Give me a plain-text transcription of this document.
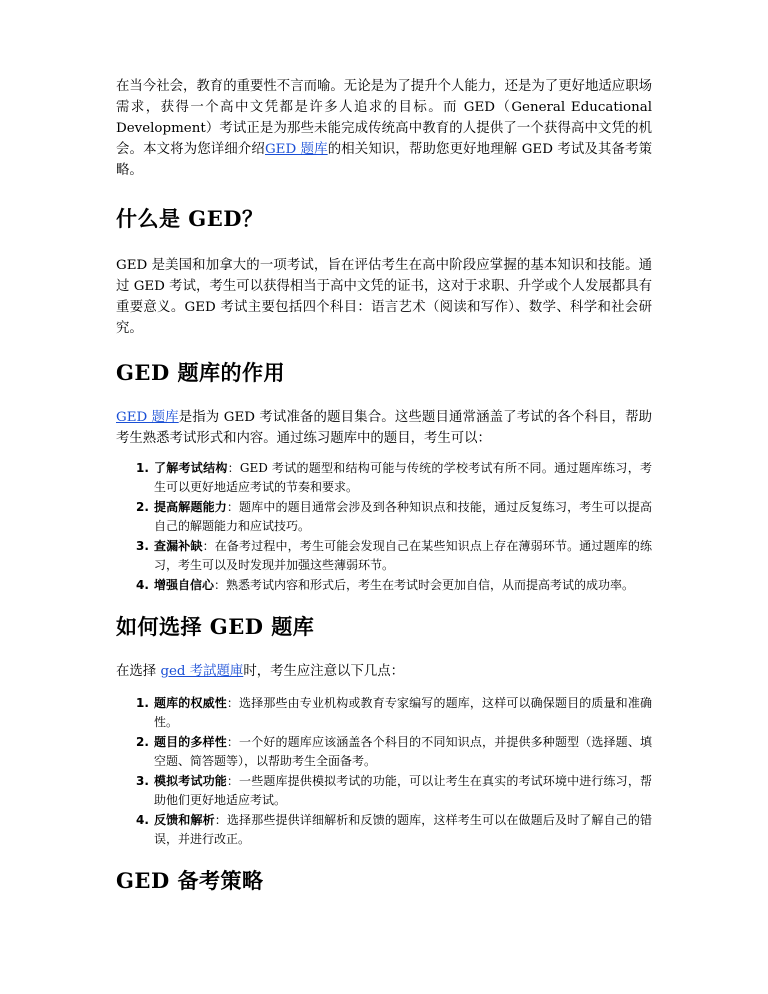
在当今社会，教育的重要性不言而喻。无论是为了提升个人能力，还是为了更好地适应职场需求，获得一个高中文凭都是许多人追求的目标。而 GED（General Educational Development）考试正是为那些未能完成传统高中教育的人提供了一个获得高中文凭的机会。本文将为您详细介绍GED 题库的相关知识，帮助您更好地理解 GED 考试及其备考策略。

什么是 GED？

GED 是美国和加拿大的一项考试，旨在评估考生在高中阶段应掌握的基本知识和技能。通过 GED 考试，考生可以获得相当于高中文凭的证书，这对于求职、升学或个人发展都具有重要意义。GED 考试主要包括四个科目：语言艺术（阅读和写作）、数学、科学和社会研究。

GED 题库的作用

GED 题库是指为 GED 考试准备的题目集合。这些题目通常涵盖了考试的各个科目，帮助考生熟悉考试形式和内容。通过练习题库中的题目，考生可以：

1. 了解考试结构：GED 考试的题型和结构可能与传统的学校考试有所不同。通过题库练习，考生可以更好地适应考试的节奏和要求。
2. 提高解题能力：题库中的题目通常会涉及到各种知识点和技能，通过反复练习，考生可以提高自己的解题能力和应试技巧。
3. 查漏补缺：在备考过程中，考生可能会发现自己在某些知识点上存在薄弱环节。通过题库的练习，考生可以及时发现并加强这些薄弱环节。
4. 增强自信心：熟悉考试内容和形式后，考生在考试时会更加自信，从而提高考试的成功率。
如何选择 GED 题库

在选择 ged 考試題庫时，考生应注意以下几点：

1. 题库的权威性：选择那些由专业机构或教育专家编写的题库，这样可以确保题目的质量和准确性。
2. 题目的多样性：一个好的题库应该涵盖各个科目的不同知识点，并提供多种题型（选择题、填空题、简答题等），以帮助考生全面备考。
3. 模拟考试功能：一些题库提供模拟考试的功能，可以让考生在真实的考试环境中进行练习，帮助他们更好地适应考试。
4. 反馈和解析：选择那些提供详细解析和反馈的题库，这样考生可以在做题后及时了解自己的错误，并进行改正。
GED 备考策略
